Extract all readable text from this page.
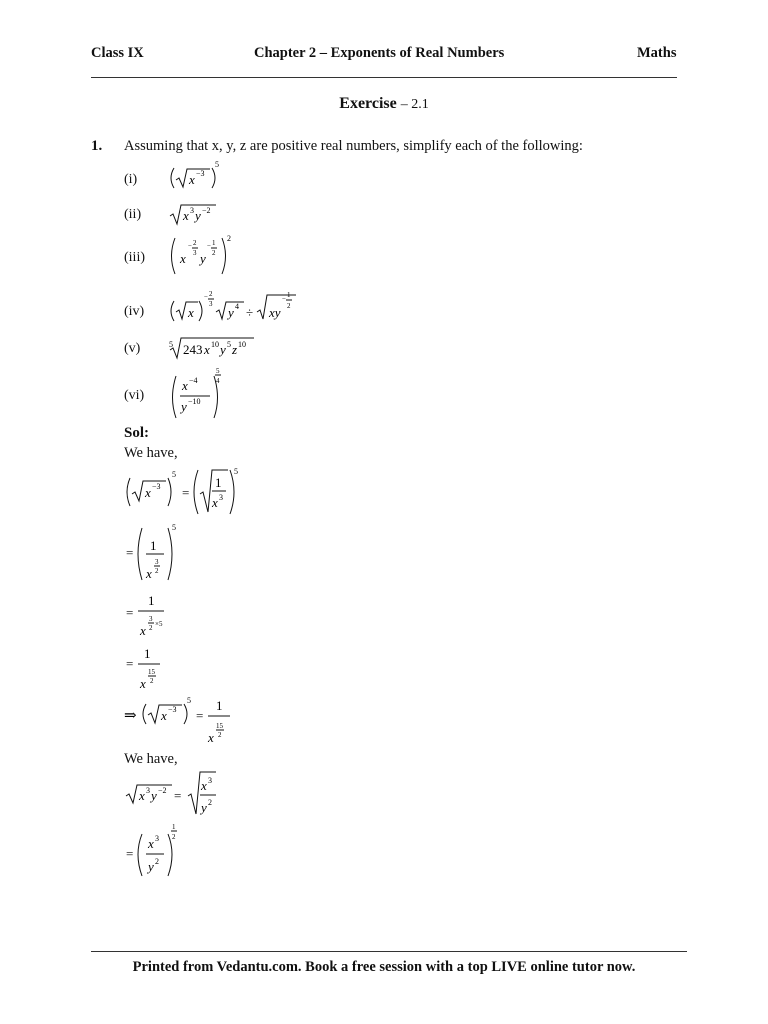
Class IX	Chapter 2 – Exponents of Real Numbers	Maths
Exercise – 2.1
1. Assuming that x, y, z are positive real numbers, simplify each of the following:
(i)
(ii)
(iii)
(iv)
(v)
(vi)
x −3
5
x 3 y −2
x
− 2
3 y
− 1
2
2
x
− 2
3
y 4 ÷ xy
− 1
2
5 243 x 10 y 5 z 10
x −4
y −10
5
4
Sol:
We have,
x −3
5
=
1
x 3
5
= 1
x
3
2
5
=
1
x
3
2 ×5
=
1
x
15
2
⇒ x −3
5
=
1
x
15
2
We have,
x 3 y −2 =
x 3
y 2
=
x 3
y 2
1
2
Printed from Vedantu.com. Book a free session with a top LIVE online tutor now.
